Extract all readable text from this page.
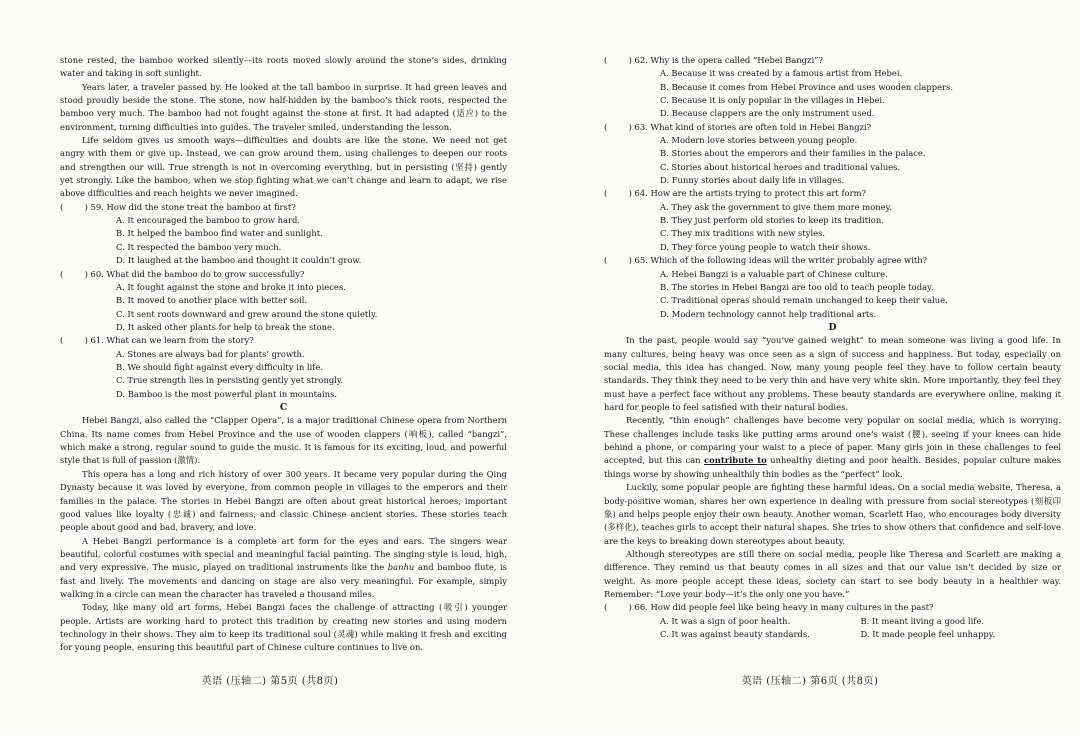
stone rested, the bamboo worked silently—its roots moved slowly around the stone’s sides, drinking water and taking in soft sunlight.

Years later, a traveler passed by. He looked at the tall bamboo in surprise. It had green leaves and stood proudly beside the stone. The stone, now half-hidden by the bamboo’s thick roots, respected the bamboo very much. The bamboo had not fought against the stone at first. It had adapted (适应) to the environment, turning difficulties into guides. The traveler smiled, understanding the lesson.

Life seldom gives us smooth ways—difficulties and doubts are like the stone. We need not get angry with them or give up. Instead, we can grow around them, using challenges to deepen our roots and strengthen our will. True strength is not in overcoming everything, but in persisting (坚持) gently yet strongly. Like the bamboo, when we stop fighting what we can’t change and learn to adapt, we rise above difficulties and reach heights we never imagined.

(        ) 59. How did the stone treat the bamboo at first?
A. It encouraged the bamboo to grow hard.
B. It helped the bamboo find water and sunlight.
C. It respected the bamboo very much.
D. It laughed at the bamboo and thought it couldn’t grow.
(        ) 60. What did the bamboo do to grow successfully?
A. It fought against the stone and broke it into pieces.
B. It moved to another place with better soil.
C. It sent roots downward and grew around the stone quietly.
D. It asked other plants for help to break the stone.
(        ) 61. What can we learn from the story?
A. Stones are always bad for plants’ growth.
B. We should fight against every difficulty in life.
C. True strength lies in persisting gently yet strongly.
D. Bamboo is the most powerful plant in mountains.
C

Hebei Bangzi, also called the “Clapper Opera”, is a major traditional Chinese opera from Northern China. Its name comes from Hebei Province and the use of wooden clappers (响板), called “bangzi”, which make a strong, regular sound to guide the music. It is famous for its exciting, loud, and powerful style that is full of passion (激情).

This opera has a long and rich history of over 300 years. It became very popular during the Qing Dynasty because it was loved by everyone, from common people in villages to the emperors and their families in the palace. The stories in Hebei Bangzi are often about great historical heroes, important good values like loyalty (忠诚) and fairness, and classic Chinese ancient stories. These stories teach people about good and bad, bravery, and love.

A Hebei Bangzi performance is a complete art form for the eyes and ears. The singers wear beautiful, colorful costumes with special and meaningful facial painting. The singing style is loud, high, and very expressive. The music, played on traditional instruments like the banhu and bamboo flute, is fast and lively. The movements and dancing on stage are also very meaningful. For example, simply walking in a circle can mean the character has traveled a thousand miles.

Today, like many old art forms, Hebei Bangzi faces the challenge of attracting (吸引) younger people. Artists are working hard to protect this tradition by creating new stories and using modern technology in their shows. They aim to keep its traditional soul (灵魂) while making it fresh and exciting for young people, ensuring this beautiful part of Chinese culture continues to live on.

英语 (压轴二) 第5页 (共8页)
(        ) 62. Why is the opera called “Hebei Bangzi”?
A. Because it was created by a famous artist from Hebei.
B. Because it comes from Hebei Province and uses wooden clappers.
C. Because it is only popular in the villages in Hebei.
D. Because clappers are the only instrument used.
(        ) 63. What kind of stories are often told in Hebei Bangzi?
A. Modern love stories between young people.
B. Stories about the emperors and their families in the palace.
C. Stories about historical heroes and traditional values.
D. Funny stories about daily life in villages.
(        ) 64. How are the artists trying to protect this art form?
A. They ask the government to give them more money.
B. They just perform old stories to keep its tradition.
C. They mix traditions with new styles.
D. They force young people to watch their shows.
(        ) 65. Which of the following ideas will the writer probably agree with?
A. Hebei Bangzi is a valuable part of Chinese culture.
B. The stories in Hebei Bangzi are too old to teach people today.
C. Traditional operas should remain unchanged to keep their value.
D. Modern technology cannot help traditional arts.
D

In the past, people would say “you’ve gained weight” to mean someone was living a good life. In many cultures, being heavy was once seen as a sign of success and happiness. But today, especially on social media, this idea has changed. Now, many young people feel they have to follow certain beauty standards. They think they need to be very thin and have very white skin. More importantly, they feel they must have a perfect face without any problems. These beauty standards are everywhere online, making it hard for people to feel satisfied with their natural bodies.

Recently, “thin enough” challenges have become very popular on social media, which is worrying. These challenges include tasks like putting arms around one’s waist (腰), seeing if your knees can hide behind a phone, or comparing your waist to a piece of paper. Many girls join in these challenges to feel accepted, but this can contribute to unhealthy dieting and poor health. Besides, popular culture makes things worse by showing unhealthily thin bodies as the “perfect” look.

Luckily, some popular people are fighting these harmful ideas. On a social media website, Theresa, a body-positive woman, shares her own experience in dealing with pressure from social stereotypes (刻板印象) and helps people enjoy their own beauty. Another woman, Scarlett Hao, who encourages body diversity (多样化), teaches girls to accept their natural shapes. She tries to show others that confidence and self-love are the keys to breaking down stereotypes about beauty.

Although stereotypes are still there on social media, people like Theresa and Scarlett are making a difference. They remind us that beauty comes in all sizes and that our value isn’t decided by size or weight. As more people accept these ideas, society can start to see body beauty in a healthier way. Remember: “Love your body—it’s the only one you have.”

(        ) 66. How did people feel like being heavy in many cultures in the past?
A. It was a sign of poor health.	B. It meant living a good life.
C. It was against beauty standards.	D. It made people feel unhappy.
英语 (压轴二) 第6页 (共8页)
